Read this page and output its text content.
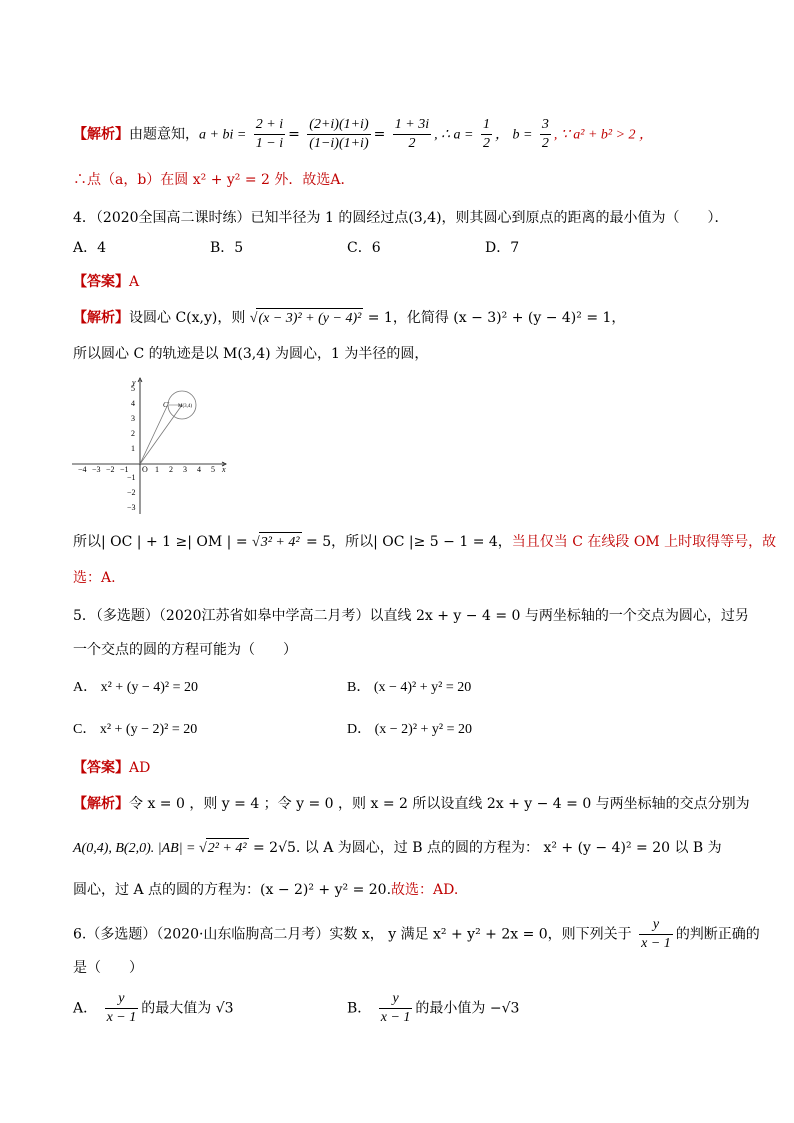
【解析】由题意知，a + bi = $\frac{2 + i}{1 - i} = \frac{(2+i)(1+i)}{(1-i)(1+i)} = \frac{1 + 3i}{2}$ , ∴ $a = \frac{1}{2}$ ， $b = \frac{3}{2}$ , ∵ a² + b² > 2 ，
∴点（a，b）在圆 x² + y² = 2 外．故选A．
4．（2020全国高二课时练）已知半径为 1 的圆经过点(3,4)，则其圆心到原点的距离的最小值为（　　）．
A．4	B．5	C．6	D．7
【答案】A
【解析】设圆心 C(x,y)，则 √(x − 3)² + (y − 4)² = 1，化简得 (x − 3)² + (y − 4)² = 1，
所以圆心 C 的轨迹是以 M(3,4) 为圆心，1 为半径的圆，
y
x
5
4
3
2
1
−1
−2
−3
−4 −3 −2 −1 O 1 2 3 4 5
C M(3,4)
所以| OC | + 1 ≥| OM | = √3² + 4² = 5，所以| OC |≥ 5 − 1 = 4，当且仅当 C 在线段 OM 上时取得等号，故
选：A.
5．（多选题）（2020江苏省如皋中学高二月考）以直线 2x + y − 4 = 0 与两坐标轴的一个交点为圆心，过另
一个交点的圆的方程可能为（　　）
A． x² + (y − 4)² = 20	B． (x − 4)² + y² = 20
C． x² + (y − 2)² = 20	D． (x − 2)² + y² = 20
【答案】AD
【解析】令 x = 0 ，则 y = 4 ；令 y = 0 ，则 x = 2 所以设直线 2x + y − 4 = 0 与两坐标轴的交点分别为
A(0,4), B(2,0). |AB| = √2² + 4² = 2√5. 以 A 为圆心，过 B 点的圆的方程为： x² + (y − 4)² = 20 以 B 为
圆心，过 A 点的圆的方程为：(x − 2)² + y² = 20.故选：AD.
6.（多选题）（2020·山东临朐高二月考）实数 x， y 满足 x² + y² + 2x = 0，则下列关于 $\frac{y}{x - 1}$ 的判断正确的
是（　　）
A． $\frac{y}{x - 1}$ 的最大值为 √3	B． $\frac{y}{x - 1}$ 的最小值为 −√3
